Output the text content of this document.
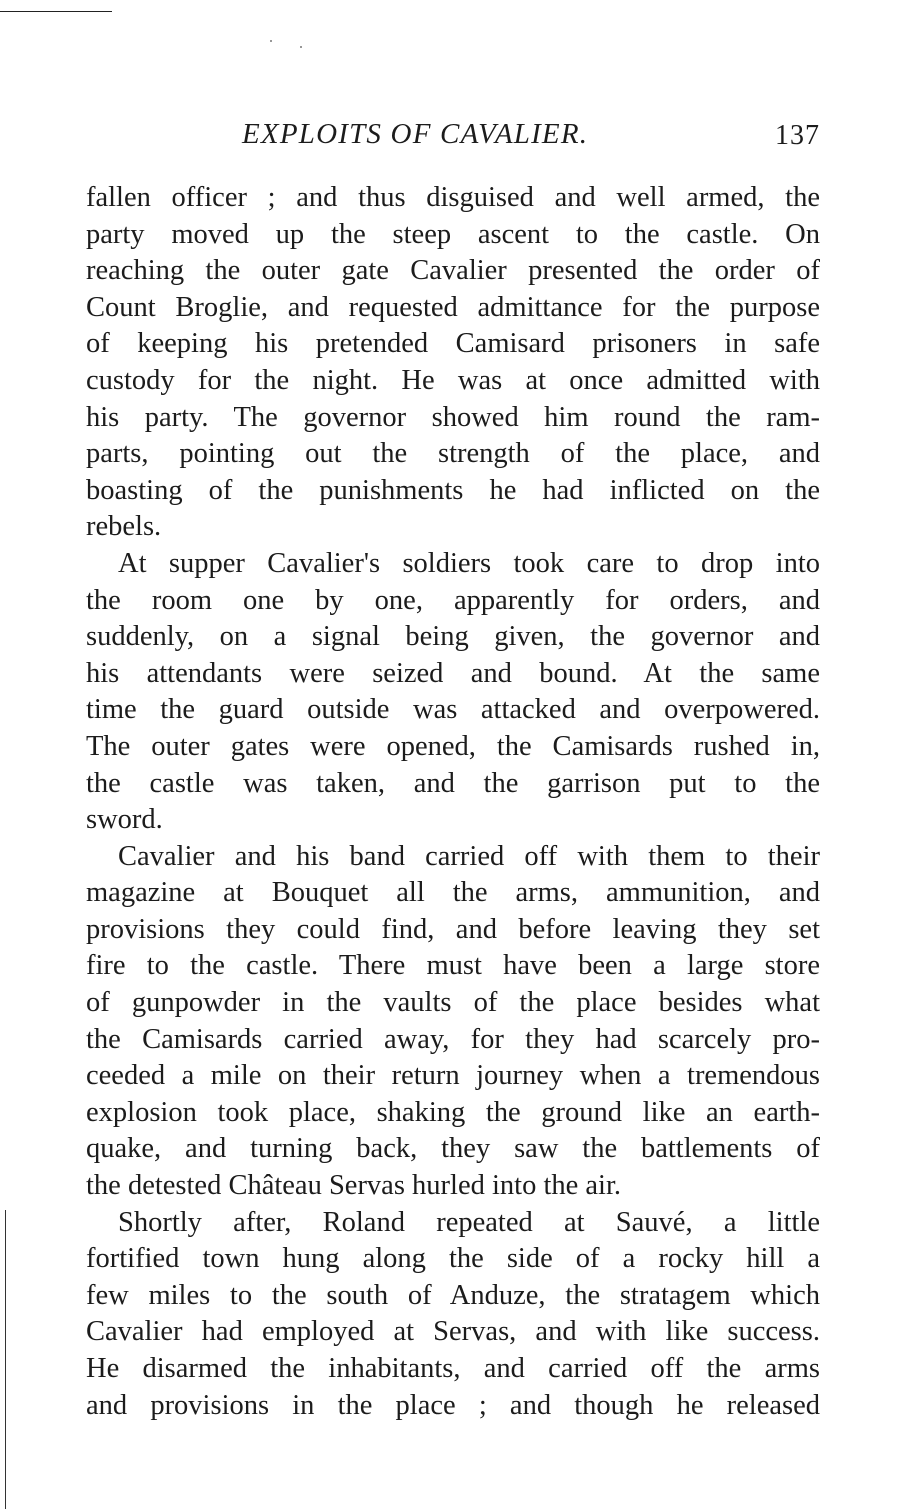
EXPLOITS OF CAVALIER.	137
fallen officer ; and thus disguised and well armed, the
party moved up the steep ascent to the castle. On
reaching the outer gate Cavalier presented the order of
Count Broglie, and requested admittance for the purpose
of keeping his pretended Camisard prisoners in safe
custody for the night. He was at once admitted with
his party. The governor showed him round the ram-
parts, pointing out the strength of the place, and
boasting of the punishments he had inflicted on the
rebels.
At supper Cavalier's soldiers took care to drop into
the room one by one, apparently for orders, and
suddenly, on a signal being given, the governor and
his attendants were seized and bound. At the same
time the guard outside was attacked and overpowered.
The outer gates were opened, the Camisards rushed in,
the castle was taken, and the garrison put to the
sword.
Cavalier and his band carried off with them to their
magazine at Bouquet all the arms, ammunition, and
provisions they could find, and before leaving they set
fire to the castle. There must have been a large store
of gunpowder in the vaults of the place besides what
the Camisards carried away, for they had scarcely pro-
ceeded a mile on their return journey when a tremendous
explosion took place, shaking the ground like an earth-
quake, and turning back, they saw the battlements of
the detested Château Servas hurled into the air.
Shortly after, Roland repeated at Sauvé, a little
fortified town hung along the side of a rocky hill a
few miles to the south of Anduze, the stratagem which
Cavalier had employed at Servas, and with like success.
He disarmed the inhabitants, and carried off the arms
and provisions in the place ; and though he released
